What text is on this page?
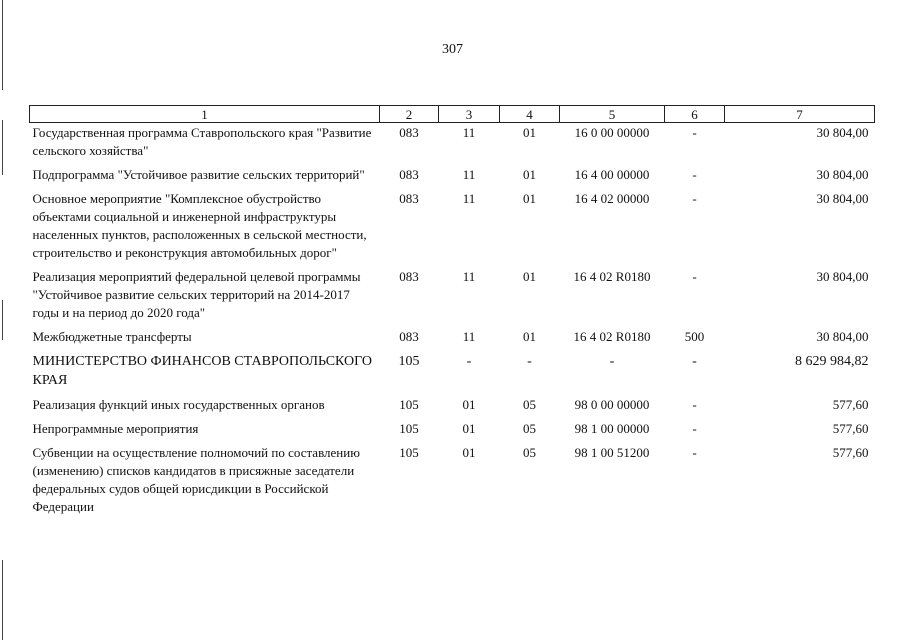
307
1	2	3	4	5	6	7
Государственная программа Ставропольского края "Развитие сельского хозяйства"	083	11	01	16 0 00 00000	-	30 804,00
Подпрограмма "Устойчивое развитие сельских территорий"	083	11	01	16 4 00 00000	-	30 804,00
Основное мероприятие "Комплексное обустройство объектами социальной и инженерной инфраструктуры населенных пунктов, расположенных в сельской местности, строительство и реконструкция автомобильных дорог"	083	11	01	16 4 02 00000	-	30 804,00
Реализация мероприятий федеральной целевой программы "Устойчивое развитие сельских территорий на 2014-2017 годы и на период до 2020 года"	083	11	01	16 4 02 R0180	-	30 804,00
Межбюджетные трансферты	083	11	01	16 4 02 R0180	500	30 804,00
МИНИСТЕРСТВО ФИНАНСОВ СТАВРОПОЛЬСКОГО КРАЯ	105	-	-	-	-	8 629 984,82
Реализация функций иных государственных органов	105	01	05	98 0 00 00000	-	577,60
Непрограммные мероприятия	105	01	05	98 1 00 00000	-	577,60
Субвенции на осуществление полномочий по составлению (изменению) списков кандидатов в присяжные заседатели федеральных судов общей юрисдикции в Российской Федерации	105	01	05	98 1 00 51200	-	577,60
